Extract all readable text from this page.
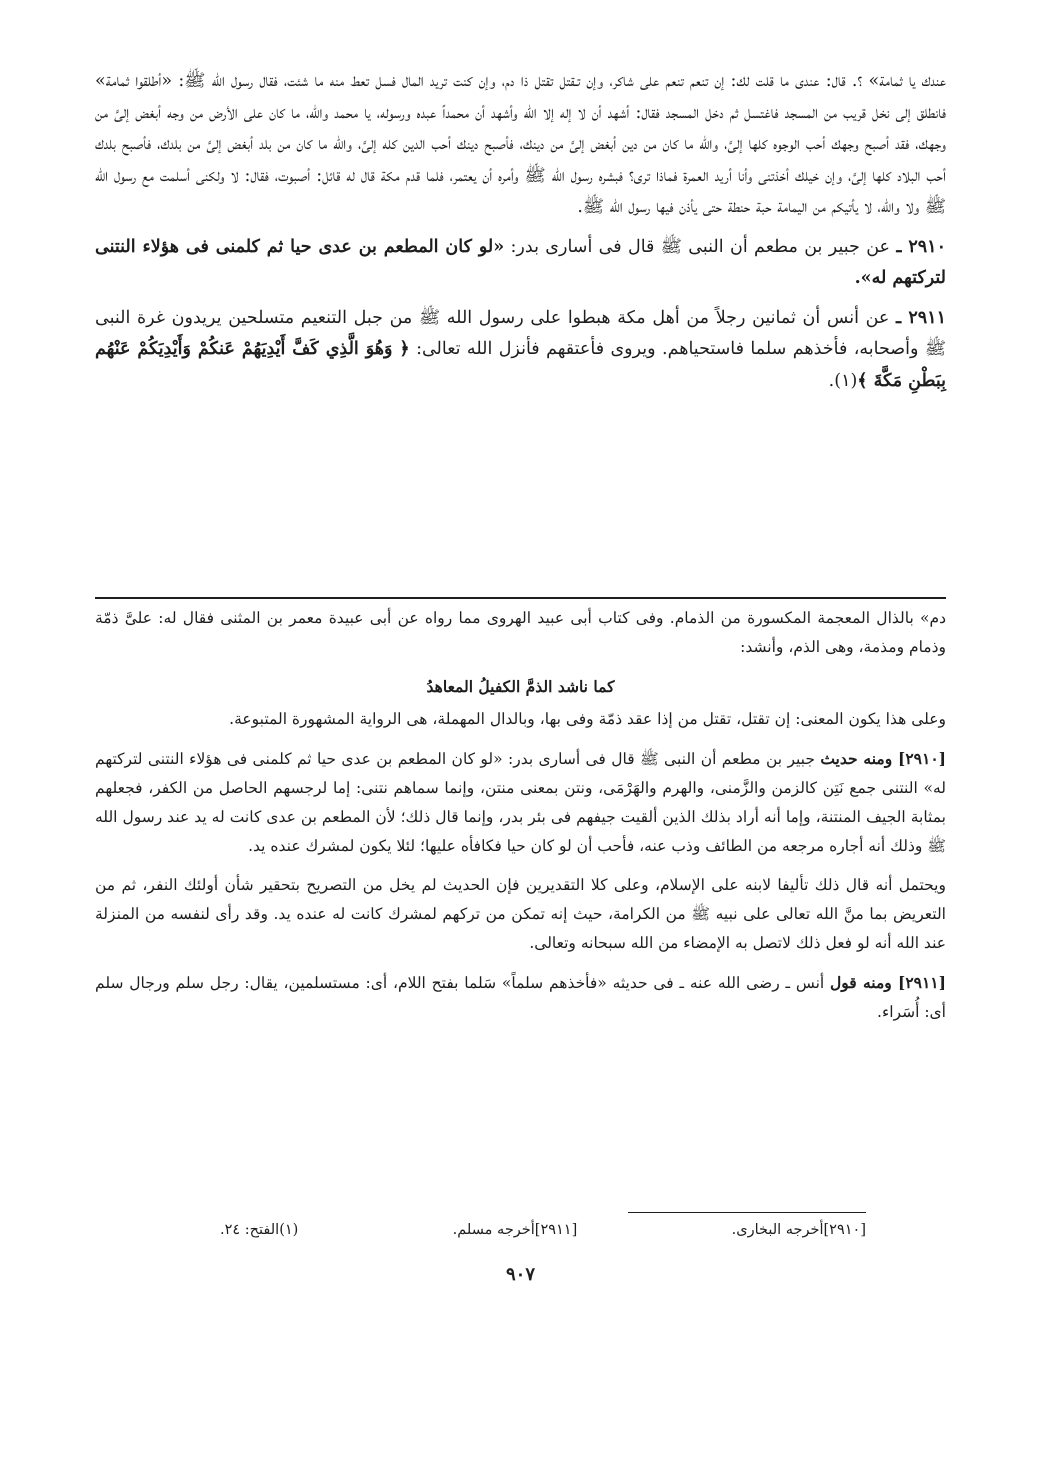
عندك يا ثمامة» ؟. قال: عندى ما قلت لك: إن تنعم تنعم على شاكر، وإن تـقتل تقتل ذا دم، وإن كنت تريد المال فسل تعط منه ما شئت، فقال رسول الله ﷺ: «أطلقوا ثمامة» فانطلق إلى نخل قريب من المسجد فاغتسل ثم دخل المسجد فقال: أشهد أن لا إله إلا الله وأشهد أن محمداً عبده ورسوله، يا محمد والله، ما كان على الأرض من وجه أبغض إلىَّ من وجهك، فقد أصبح وجهك أحب الوجوه كلها إلىَّ، والله ما كان من دين أبغض إلىَّ من دينك، فأصبح دينك أحب الدين كله إلىَّ، والله ما كان من بلد أبغض إلىَّ من بلدك، فأصبح بلدك أحب البلاد كلها إلىَّ، وإن خيلك أخذتنى وأنا أريد العمرة فماذا ترى؟ فبشره رسول الله ﷺ وأمره أن يعتمر، فلما قدم مكة قال له قائل: أصبوت، فقال: لا ولكنى أسلمت مع رسول الله ﷺ ولا والله، لا يأتيكم من اليمامة حبة حنطة حتى يأذن فيها رسول الله ﷺ.

٢٩١٠ ـ عن جبير بن مطعم أن النبى ﷺ قال فى أسارى بدر: «لو كان المطعم بن عدى حيا ثم كلمنى فى هؤلاء النتنى لتركتهم له».

٢٩١١ ـ عن أنس أن ثمانين رجلاً من أهل مكة هبطوا على رسول الله ﷺ من جبل التنعيم متسلحين يريدون غرة النبى ﷺ وأصحابه، فأخذهم سلما فاستحياهم. ويروى فأعتقهم فأنزل الله تعالى: ﴿ وَهُوَ الَّذِي كَفَّ أَيْدِيَهُمْ عَنكُمْ وَأَيْدِيَكُمْ عَنْهُم بِبَطْنِ مَكَّةَ ﴾(١).

دم» بالذال المعجمة المكسورة من الذمام. وفى كتاب أبى عبيد الهروى مما رواه عن أبى عبيدة معمر بن المثنى فقال له: علىَّ ذمّة وذمام ومذمة، وهى الذم، وأنشد:

كما ناشد الذمَّ الكفيلُ المعاهدُ

وعلى هذا يكون المعنى: إن تقتل، تقتل من إذا عقد ذمّة وفى بها، وبالدال المهملة، هى الرواية المشهورة المتبوعة.

[٢٩١٠] ومنه حديث جبير بن مطعم أن النبى ﷺ قال فى أسارى بدر: «لو كان المطعم بن عدى حيا ثم كلمنى فى هؤلاء النتنى لتركتهم له» النتنى جمع نَتِن كالزمن والزَّمنى، والهرم والهَرْمَى، ونتن بمعنى منتن، وإنما سماهم نتنى: إما لرجسهم الحاصل من الكفر، فجعلهم بمثابة الجيف المنتنة، وإما أنه أراد بذلك الذين ألقيت جيفهم فى بئر بدر، وإنما قال ذلك؛ لأن المطعم بن عدى كانت له يد عند رسول الله ﷺ وذلك أنه أجاره مرجعه من الطائف وذب عنه، فأحب أن لو كان حيا فكافأه عليها؛ لئلا يكون لمشرك عنده يد.

ويحتمل أنه قال ذلك تأليفا لابنه على الإسلام، وعلى كلا التقديرين فإن الحديث لم يخل من التصريح بتحقير شأن أولئك النفر، ثم من التعريض بما منَّ الله تعالى على نبيه ﷺ من الكرامة، حيث إنه تمكن من تركهم لمشرك كانت له عنده يد. وقد رأى لنفسه من المنزلة عند الله أنه لو فعل ذلك لاتصل به الإمضاء من الله سبحانه وتعالى.

[٢٩١١] ومنه قول أنس ـ رضى الله عنه ـ فى حديثه «فأخذهم سلماً» سَلما بفتح اللام، أى: مستسلمين، يقال: رجل سلم ورجال سلم أى: أُسَراء.

[٢٩١٠]أخرجه البخارى.
[٢٩١١]أخرجه مسلم.
(١)الفتح: ٢٤.
٩٠٧
